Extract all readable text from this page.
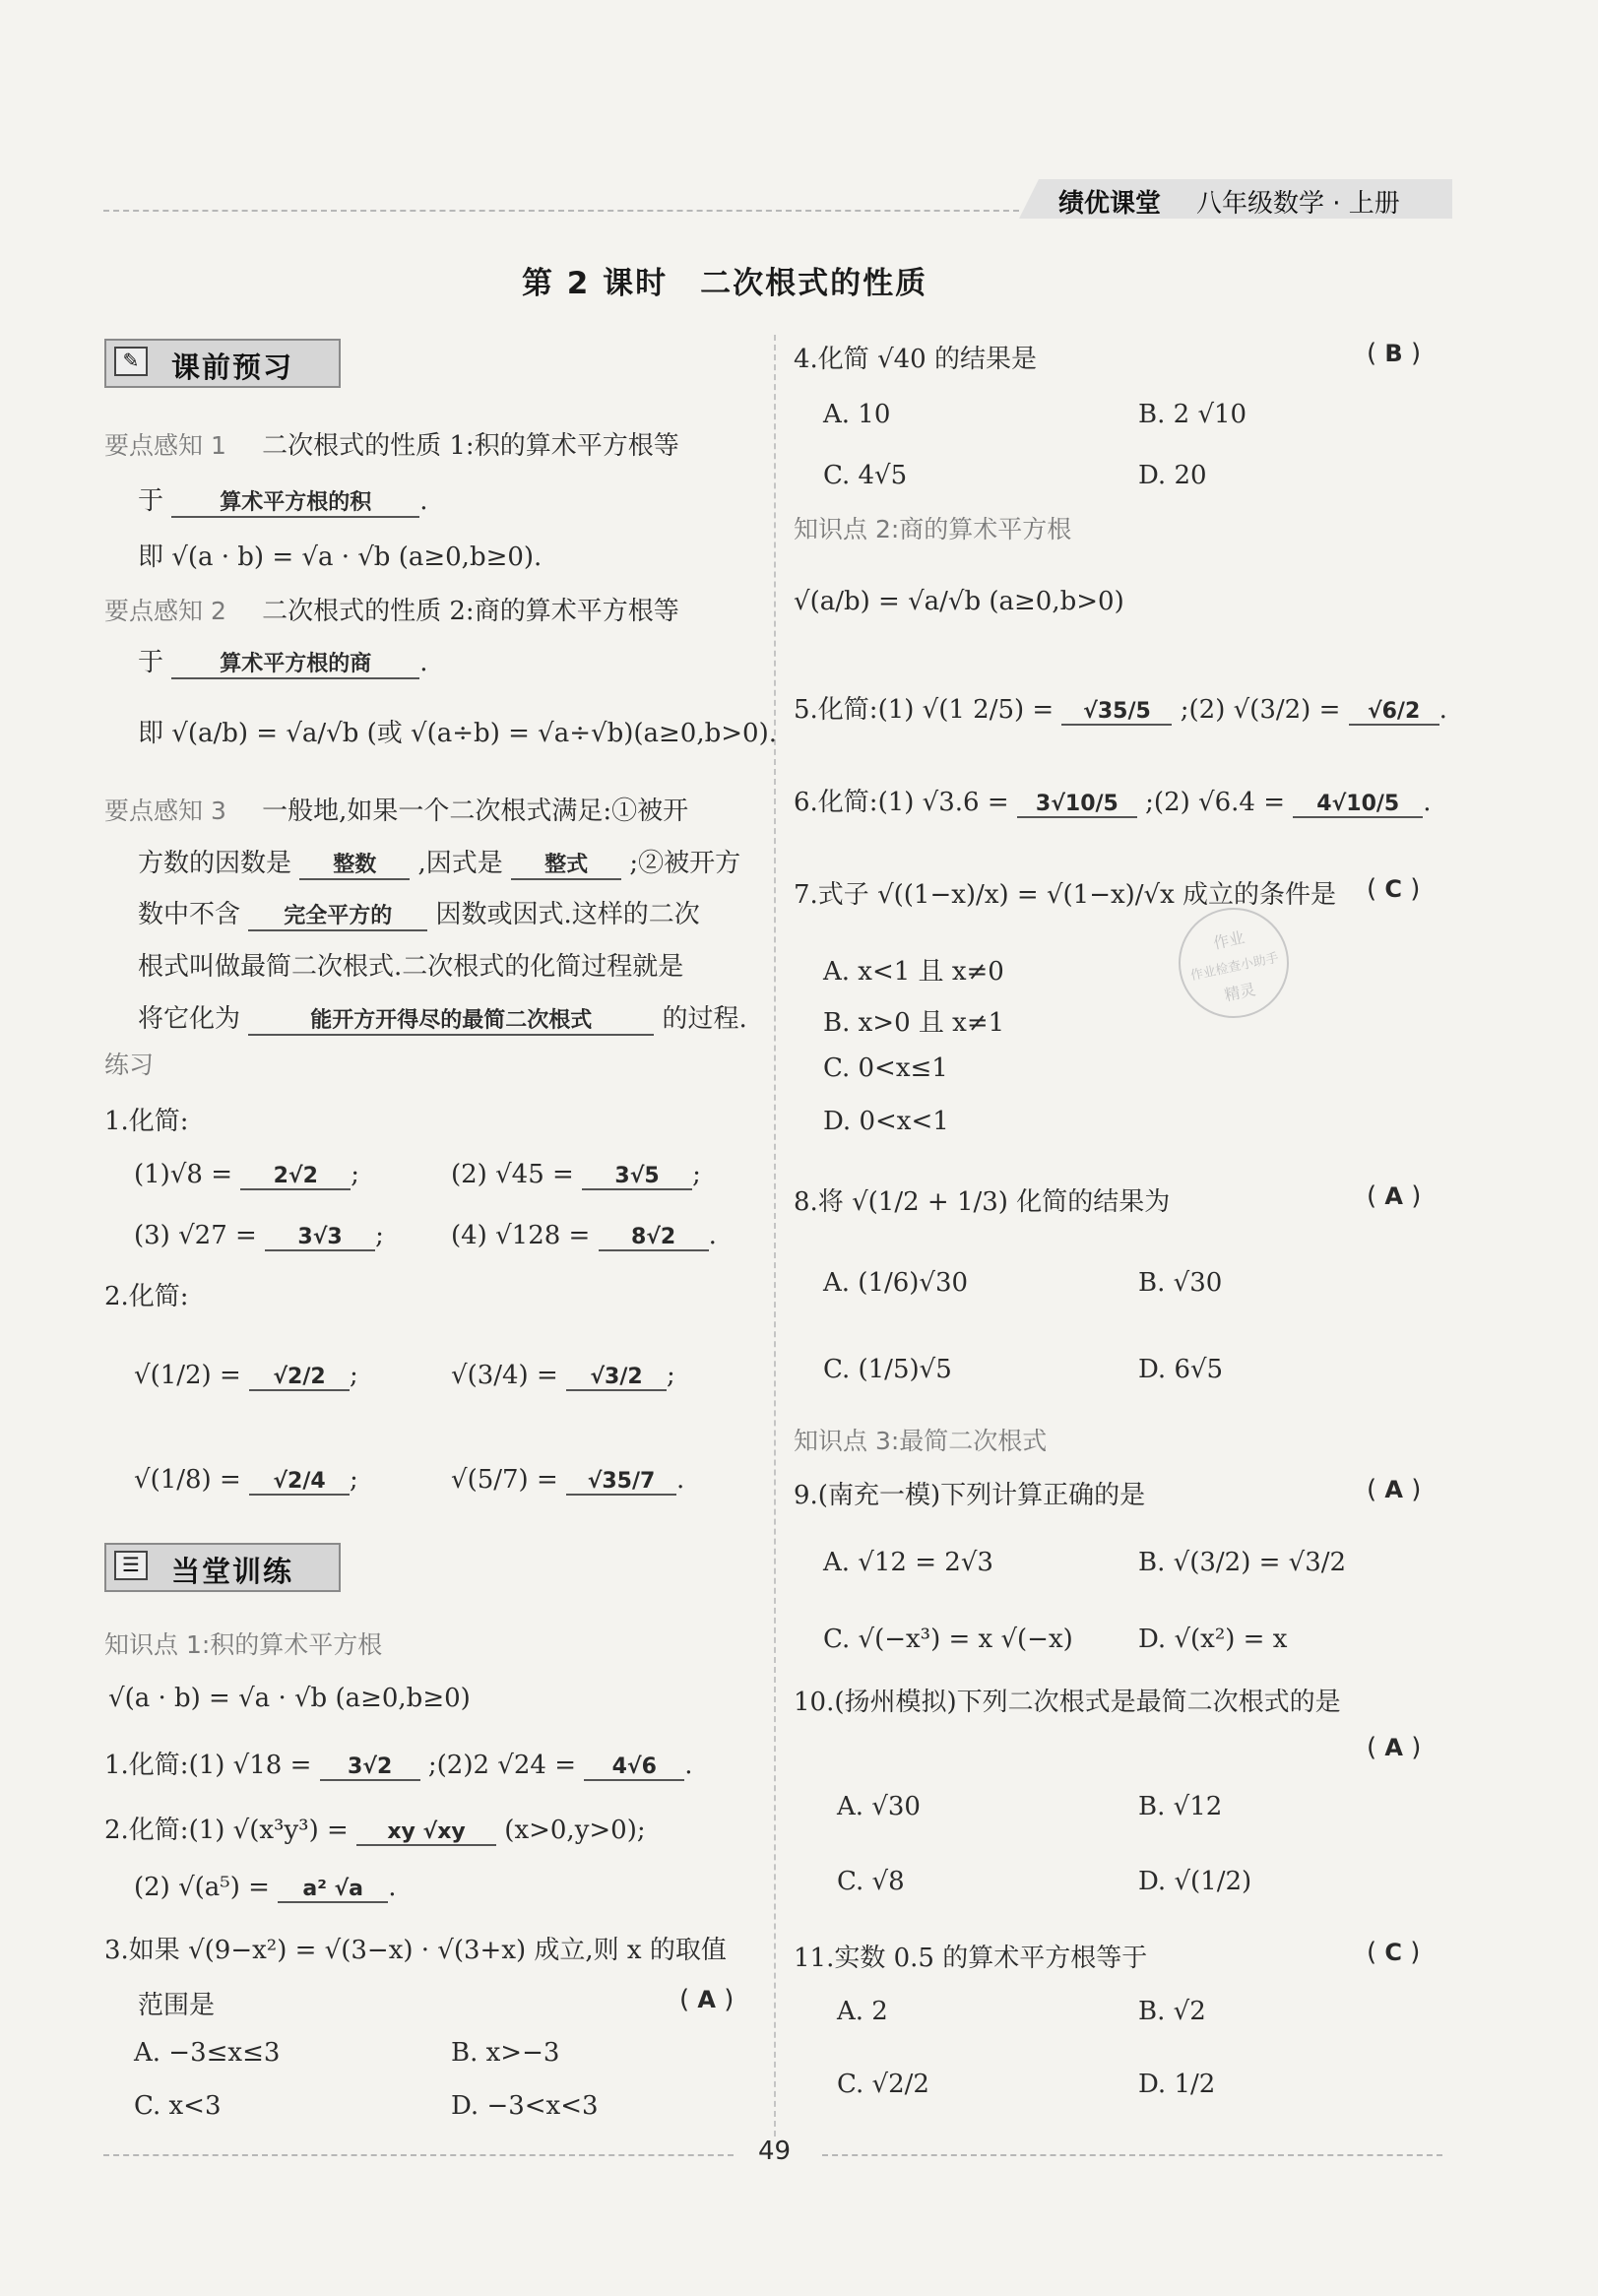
绩优课堂 八年级数学 · 上册
第 2 课时　二次根式的性质
✎ 课前预习
要点感知 1 二次根式的性质 1:积的算术平方根等
于	算术平方根的积 .
即 √(a · b) = √a · √b (a≥0,b≥0).
要点感知 2 二次根式的性质 2:商的算术平方根等
于	算术平方根的商 .
即 √(a/b) = √a/√b (或 √(a÷b) = √a÷√b)(a≥0,b>0).
要点感知 3 一般地,如果一个二次根式满足:①被开
方数的因数是 整数 ,因式是 整式 ;②被开方
数中不含 完全平方的 因数或因式.这样的二次
根式叫做最简二次根式.二次根式的化简过程就是
将它化为	能开方开得尽的最简二次根式	的过程.
练习
1.化简:
(1)√8 = 2√2 ;	(2) √45 = 3√5 ;
(3) √27 = 3√3 ;	(4) √128 = 8√2 .
2.化简:
√(1/2) = √2/2 ;	√(3/4) = √3/2 ;
√(1/8) = √2/4 ;	√(5/7) = √35/7 .
☰ 当堂训练
知识点 1:积的算术平方根
√(a · b) = √a · √b (a≥0,b≥0)
1.化简:(1) √18 = 3√2 ;(2)2 √24 = 4√6 .
2.化简:(1) √(x³y³) = xy √xy (x>0,y>0);
(2) √(a⁵) = a² √a .
3.如果 √(9−x²) = √(3−x) · √(3+x) 成立,则 x 的取值
范围是	( A )
A. −3≤x≤3	B. x>−3
C. x<3	D. −3<x<3
4.化简 √40 的结果是	( B )
A. 10	B. 2 √10
C. 4√5	D. 20
知识点 2:商的算术平方根
√(a/b) = √a/√b (a≥0,b>0)
5.化简:(1) √(1 2/5) = √35/5 ;(2) √(3/2) = √6/2 .
6.化简:(1) √3.6 = 3√10/5 ;(2) √6.4 = 4√10/5 .
7.式子 √((1−x)/x) = √(1−x)/√x 成立的条件是 ( C )
A. x<1 且 x≠0
B. x>0 且 x≠1
C. 0<x≤1
D. 0<x<1
作业
作业检查小助手
精灵
8.将 √(1/2 + 1/3) 化简的结果为	( A )
A. (1/6)√30	B. √30
C. (1/5)√5	D. 6√5
知识点 3:最简二次根式
9.(南充一模)下列计算正确的是	( A )
A. √12 = 2√3	B. √(3/2) = √3/2
C. √(−x³) = x √(−x)	D. √(x²) = x
10.(扬州模拟)下列二次根式是最简二次根式的是
( A )
A. √30	B. √12
C. √8	D. √(1/2)
11.实数 0.5 的算术平方根等于	( C )
A. 2	B. √2
C. √2/2	D. 1/2
49
